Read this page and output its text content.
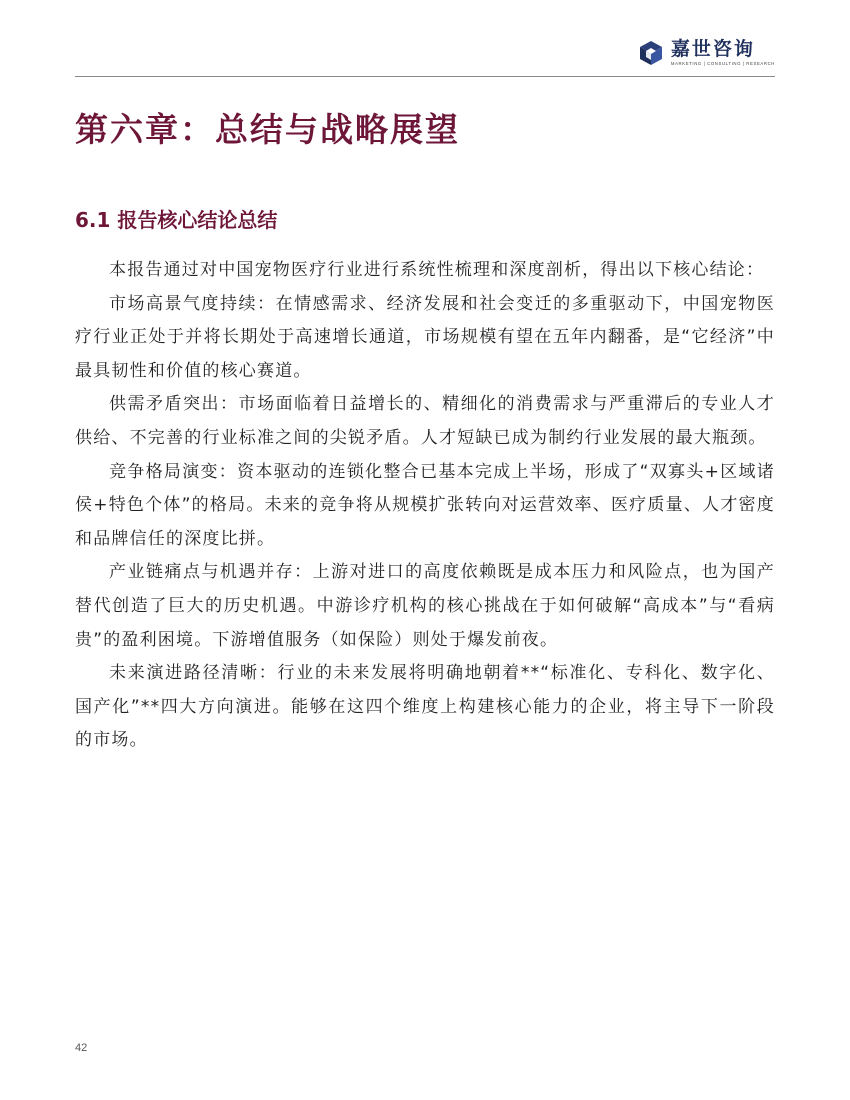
嘉世咨询
MARKETING | CONSULTING | RESEARCH
第六章：总结与战略展望
6.1 报告核心结论总结

本报告通过对中国宠物医疗行业进行系统性梳理和深度剖析，得出以下核心结论：

市场高景气度持续：在情感需求、经济发展和社会变迁的多重驱动下，中国宠物医疗行业正处于并将长期处于高速增长通道，市场规模有望在五年内翻番，是“它经济”中最具韧性和价值的核心赛道。

供需矛盾突出：市场面临着日益增长的、精细化的消费需求与严重滞后的专业人才供给、不完善的行业标准之间的尖锐矛盾。人才短缺已成为制约行业发展的最大瓶颈。

竞争格局演变：资本驱动的连锁化整合已基本完成上半场，形成了“双寡头+区域诸侯+特色个体”的格局。未来的竞争将从规模扩张转向对运营效率、医疗质量、人才密度和品牌信任的深度比拼。

产业链痛点与机遇并存：上游对进口的高度依赖既是成本压力和风险点，也为国产替代创造了巨大的历史机遇。中游诊疗机构的核心挑战在于如何破解“高成本”与“看病贵”的盈利困境。下游增值服务（如保险）则处于爆发前夜。

未来演进路径清晰：行业的未来发展将明确地朝着**“标准化、专科化、数字化、国产化”**四大方向演进。能够在这四个维度上构建核心能力的企业，将主导下一阶段的市场。

42
